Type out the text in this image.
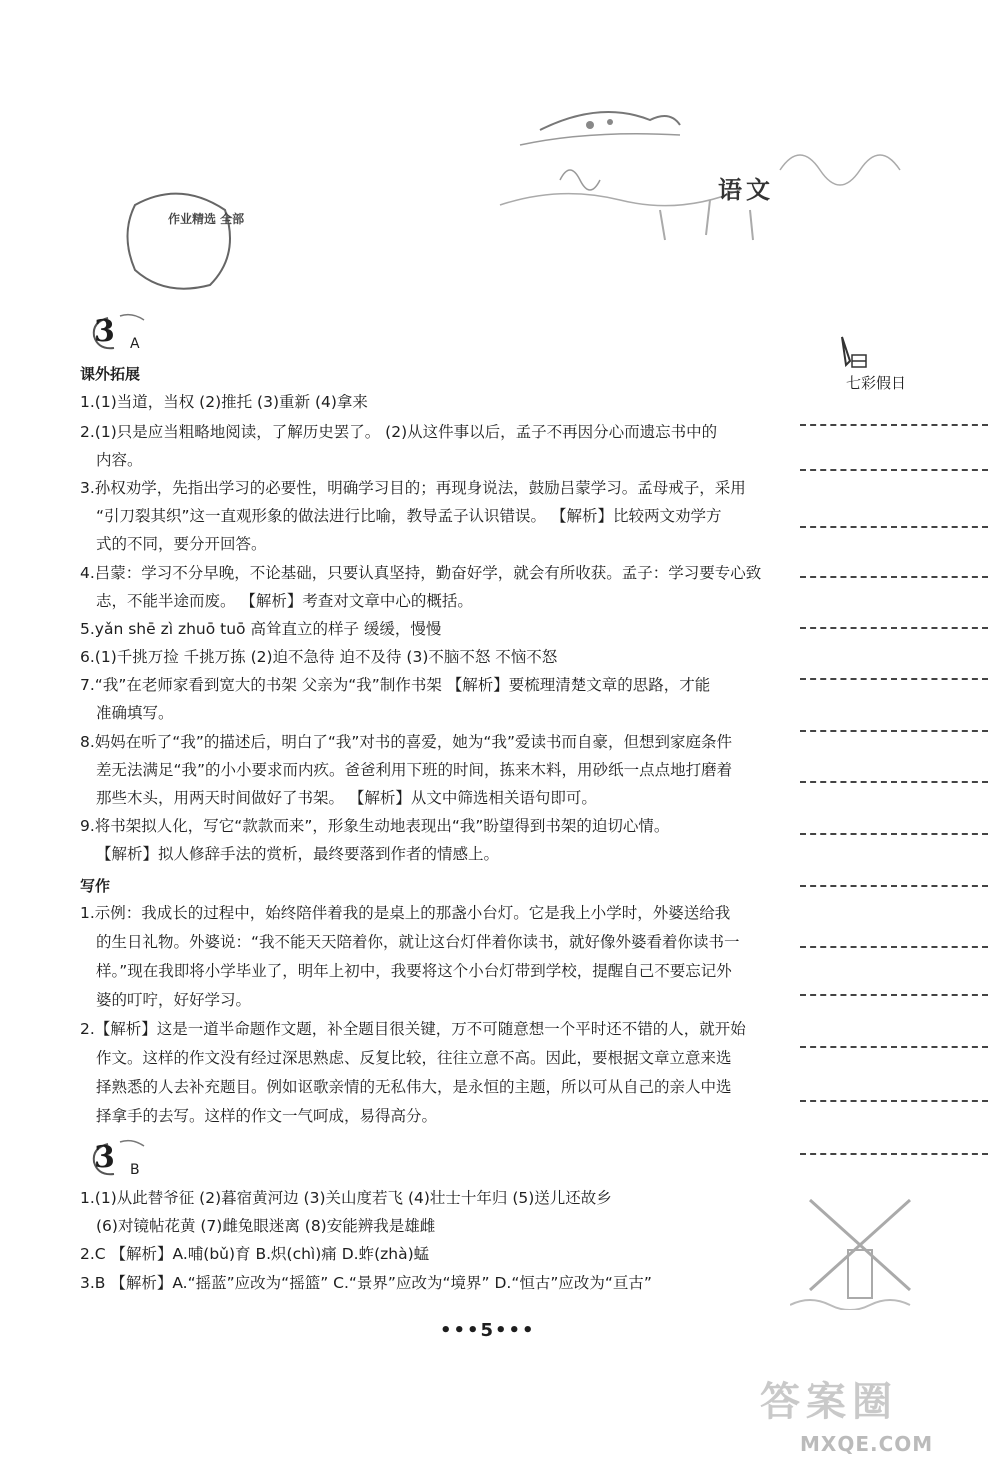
语文
作业精选 全部
3 A
课外拓展
1.(1)当道，当权 (2)推托 (3)重新 (4)拿来
2.(1)只是应当粗略地阅读，了解历史罢了。 (2)从这件事以后，孟子不再因分心而遗忘书中的
内容。
3.孙权劝学，先指出学习的必要性，明确学习目的；再现身说法，鼓励吕蒙学习。孟母戒子，采用
“引刀裂其织”这一直观形象的做法进行比喻，教导孟子认识错误。 【解析】比较两文劝学方
式的不同，要分开回答。
4.吕蒙：学习不分早晚，不论基础，只要认真坚持，勤奋好学，就会有所收获。孟子：学习要专心致
志，不能半途而废。 【解析】考查对文章中心的概括。
5.yǎn shē zì zhuō tuō 高耸直立的样子 缓缓，慢慢
6.(1)千挑万捡 千挑万拣 (2)迫不急待 迫不及待 (3)不脑不怒 不恼不怒
7.“我”在老师家看到宽大的书架 父亲为“我”制作书架 【解析】要梳理清楚文章的思路，才能
准确填写。
8.妈妈在听了“我”的描述后，明白了“我”对书的喜爱，她为“我”爱读书而自豪，但想到家庭条件
差无法满足“我”的小小要求而内疚。爸爸利用下班的时间，拣来木料，用砂纸一点点地打磨着
那些木头，用两天时间做好了书架。 【解析】从文中筛选相关语句即可。
9.将书架拟人化，写它“款款而来”，形象生动地表现出“我”盼望得到书架的迫切心情。
【解析】拟人修辞手法的赏析，最终要落到作者的情感上。
写作
1.示例：我成长的过程中，始终陪伴着我的是桌上的那盏小台灯。它是我上小学时，外婆送给我
的生日礼物。外婆说：“我不能天天陪着你，就让这台灯伴着你读书，就好像外婆看着你读书一
样。”现在我即将小学毕业了，明年上初中，我要将这个小台灯带到学校，提醒自己不要忘记外
婆的叮咛，好好学习。
2.【解析】这是一道半命题作文题，补全题目很关键，万不可随意想一个平时还不错的人，就开始
作文。这样的作文没有经过深思熟虑、反复比较，往往立意不高。因此，要根据文章立意来选
择熟悉的人去补充题目。例如讴歌亲情的无私伟大，是永恒的主题，所以可从自己的亲人中选
择拿手的去写。这样的作文一气呵成，易得高分。
3 B
1.(1)从此替爷征 (2)暮宿黄河边 (3)关山度若飞 (4)壮士十年归 (5)送儿还故乡
(6)对镜帖花黄 (7)雌兔眼迷离 (8)安能辨我是雄雌
2.C 【解析】A.哺(bǔ)育 B.炽(chì)痛 D.蚱(zhà)蜢
3.B 【解析】A.“摇蓝”应改为“摇篮” C.“景界”应改为“境界” D.“恒古”应改为“亘古”
七彩假日
•••5•••
答案圈
MXQE.COM
